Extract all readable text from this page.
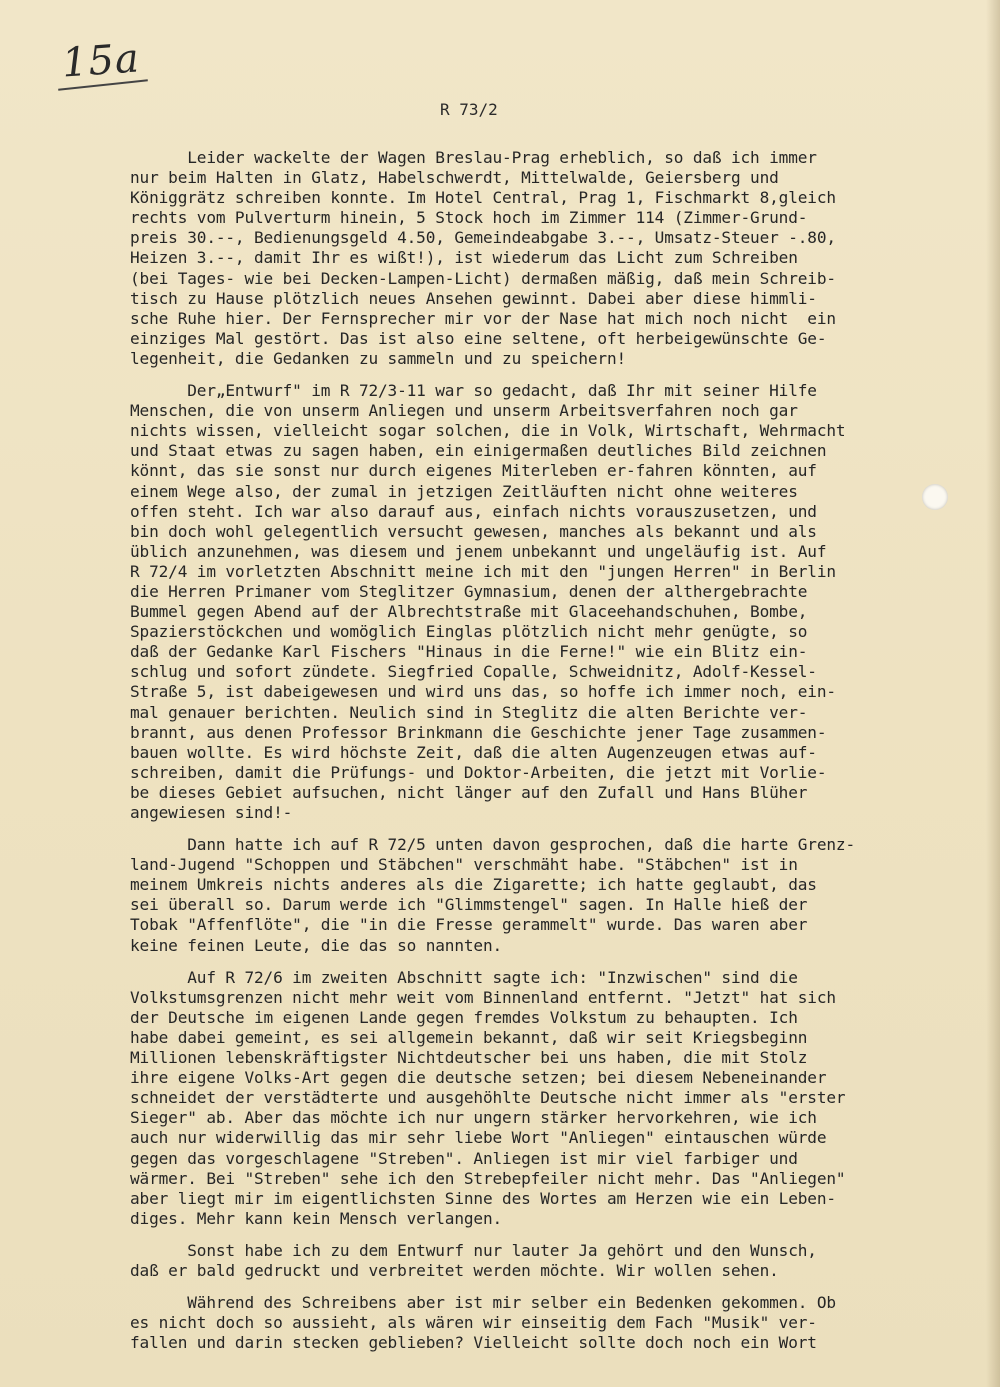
15a
R 73/2
Leider wackelte der Wagen Breslau-Prag erheblich, so daß ich immer
nur beim Halten in Glatz, Habelschwerdt, Mittelwalde, Geiersberg und
Königgrätz schreiben konnte. Im Hotel Central, Prag 1, Fischmarkt 8,gleich
rechts vom Pulverturm hinein, 5 Stock hoch im Zimmer 114 (Zimmer-Grund-
preis 30.--, Bedienungsgeld 4.50, Gemeindeabgabe 3.--, Umsatz-Steuer -.80,
Heizen 3.--, damit Ihr es wißt!), ist wiederum das Licht zum Schreiben
(bei Tages- wie bei Decken-Lampen-Licht) dermaßen mäßig, daß mein Schreib-
tisch zu Hause plötzlich neues Ansehen gewinnt. Dabei aber diese himmli-
sche Ruhe hier. Der Fernsprecher mir vor der Nase hat mich noch nicht  ein
einziges Mal gestört. Das ist also eine seltene, oft herbeigewünschte Ge-
legenheit, die Gedanken zu sammeln und zu speichern!
Der„Entwurf" im R 72/3-11 war so gedacht, daß Ihr mit seiner Hilfe
Menschen, die von unserm Anliegen und unserm Arbeitsverfahren noch gar
nichts wissen, vielleicht sogar solchen, die in Volk, Wirtschaft, Wehrmacht
und Staat etwas zu sagen haben, ein einigermaßen deutliches Bild zeichnen
könnt, das sie sonst nur durch eigenes Miterleben er-fahren könnten, auf
einem Wege also, der zumal in jetzigen Zeitläuften nicht ohne weiteres
offen steht. Ich war also darauf aus, einfach nichts vorauszusetzen, und
bin doch wohl gelegentlich versucht gewesen, manches als bekannt und als
üblich anzunehmen, was diesem und jenem unbekannt und ungeläufig ist. Auf
R 72/4 im vorletzten Abschnitt meine ich mit den "jungen Herren" in Berlin
die Herren Primaner vom Steglitzer Gymnasium, denen der althergebrachte
Bummel gegen Abend auf der Albrechtstraße mit Glaceehandschuhen, Bombe,
Spazierstöckchen und womöglich Einglas plötzlich nicht mehr genügte, so
daß der Gedanke Karl Fischers "Hinaus in die Ferne!" wie ein Blitz ein-
schlug und sofort zündete. Siegfried Copalle, Schweidnitz, Adolf-Kessel-
Straße 5, ist dabeigewesen und wird uns das, so hoffe ich immer noch, ein-
mal genauer berichten. Neulich sind in Steglitz die alten Berichte ver-
brannt, aus denen Professor Brinkmann die Geschichte jener Tage zusammen-
bauen wollte. Es wird höchste Zeit, daß die alten Augenzeugen etwas auf-
schreiben, damit die Prüfungs- und Doktor-Arbeiten, die jetzt mit Vorlie-
be dieses Gebiet aufsuchen, nicht länger auf den Zufall und Hans Blüher
angewiesen sind!-
Dann hatte ich auf R 72/5 unten davon gesprochen, daß die harte Grenz-
land-Jugend "Schoppen und Stäbchen" verschmäht habe. "Stäbchen" ist in
meinem Umkreis nichts anderes als die Zigarette; ich hatte geglaubt, das
sei überall so. Darum werde ich "Glimmstengel" sagen. In Halle hieß der
Tobak "Affenflöte", die "in die Fresse gerammelt" wurde. Das waren aber
keine feinen Leute, die das so nannten.
Auf R 72/6 im zweiten Abschnitt sagte ich: "Inzwischen" sind die
Volkstumsgrenzen nicht mehr weit vom Binnenland entfernt. "Jetzt" hat sich
der Deutsche im eigenen Lande gegen fremdes Volkstum zu behaupten. Ich
habe dabei gemeint, es sei allgemein bekannt, daß wir seit Kriegsbeginn
Millionen lebenskräftigster Nichtdeutscher bei uns haben, die mit Stolz
ihre eigene Volks-Art gegen die deutsche setzen; bei diesem Nebeneinander
schneidet der verstädterte und ausgehöhlte Deutsche nicht immer als "erster
Sieger" ab. Aber das möchte ich nur ungern stärker hervorkehren, wie ich
auch nur widerwillig das mir sehr liebe Wort "Anliegen" eintauschen würde
gegen das vorgeschlagene "Streben". Anliegen ist mir viel farbiger und
wärmer. Bei "Streben" sehe ich den Strebepfeiler nicht mehr. Das "Anliegen"
aber liegt mir im eigentlichsten Sinne des Wortes am Herzen wie ein Leben-
diges. Mehr kann kein Mensch verlangen.
Sonst habe ich zu dem Entwurf nur lauter Ja gehört und den Wunsch,
daß er bald gedruckt und verbreitet werden möchte. Wir wollen sehen.
Während des Schreibens aber ist mir selber ein Bedenken gekommen. Ob
es nicht doch so aussieht, als wären wir einseitig dem Fach "Musik" ver-
fallen und darin stecken geblieben? Vielleicht sollte doch noch ein Wort
